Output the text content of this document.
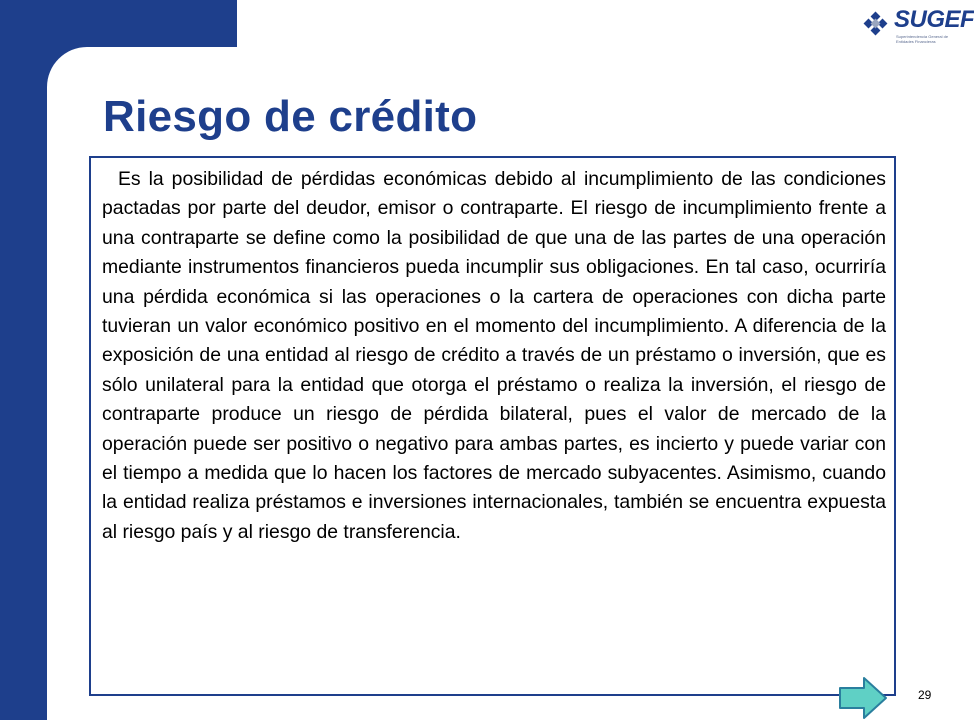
SUGEF
Superintendencia General de Entidades Financieras
Riesgo de crédito

Es la posibilidad de pérdidas económicas debido al incumplimiento de las condiciones pactadas por parte del deudor, emisor o contraparte. El riesgo de incumplimiento frente a una contraparte se define como la posibilidad de que una de las partes de una operación mediante instrumentos financieros pueda incumplir sus obligaciones. En tal caso, ocurriría una pérdida económica si las operaciones o la cartera de operaciones con dicha parte tuvieran un valor económico positivo en el momento del incumplimiento. A diferencia de la exposición de una entidad al riesgo de crédito a través de un préstamo o inversión, que es sólo unilateral para la entidad que otorga el préstamo o realiza la inversión, el riesgo de contraparte produce un riesgo de pérdida bilateral, pues el valor de mercado de la operación puede ser positivo o negativo para ambas partes, es incierto y puede variar con el tiempo a medida que lo hacen los factores de mercado subyacentes. Asimismo, cuando la entidad realiza préstamos e inversiones internacionales, también se encuentra expuesta al riesgo país y al riesgo de transferencia.

29
